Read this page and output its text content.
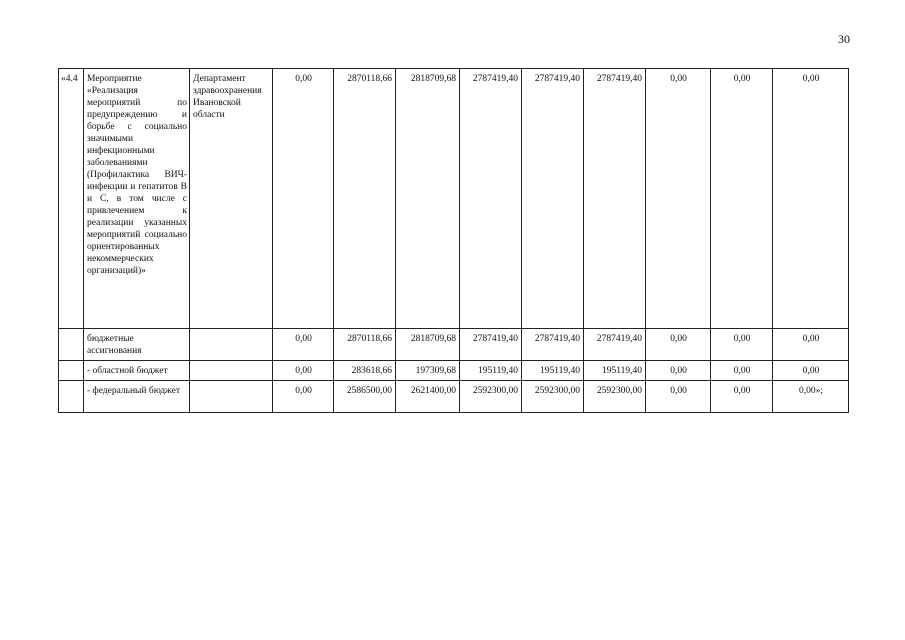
30
«4.4	Мероприятие «Реализация мероприятий по предупреждению и борьбе с социально значимыми инфекционными заболеваниями (Профилактика ВИЧ-инфекции и гепатитов В и С, в том числе с привлечением к реализации указанных мероприятий социально ориентированных некоммерческих организаций)»	Департамент здравоохранения Ивановской области	0,00	2870118,66	2818709,68	2787419,40	2787419,40	2787419,40	0,00	0,00	0,00
	бюджетные ассигнования		0,00	2870118,66	2818709,68	2787419,40	2787419,40	2787419,40	0,00	0,00	0,00
	- областной бюджет		0,00	283618,66	197309,68	195119,40	195119,40	195119,40	0,00	0,00	0,00
	- федеральный бюджет		0,00	2586500,00	2621400,00	2592300,00	2592300,00	2592300,00	0,00	0,00	0,00»;
